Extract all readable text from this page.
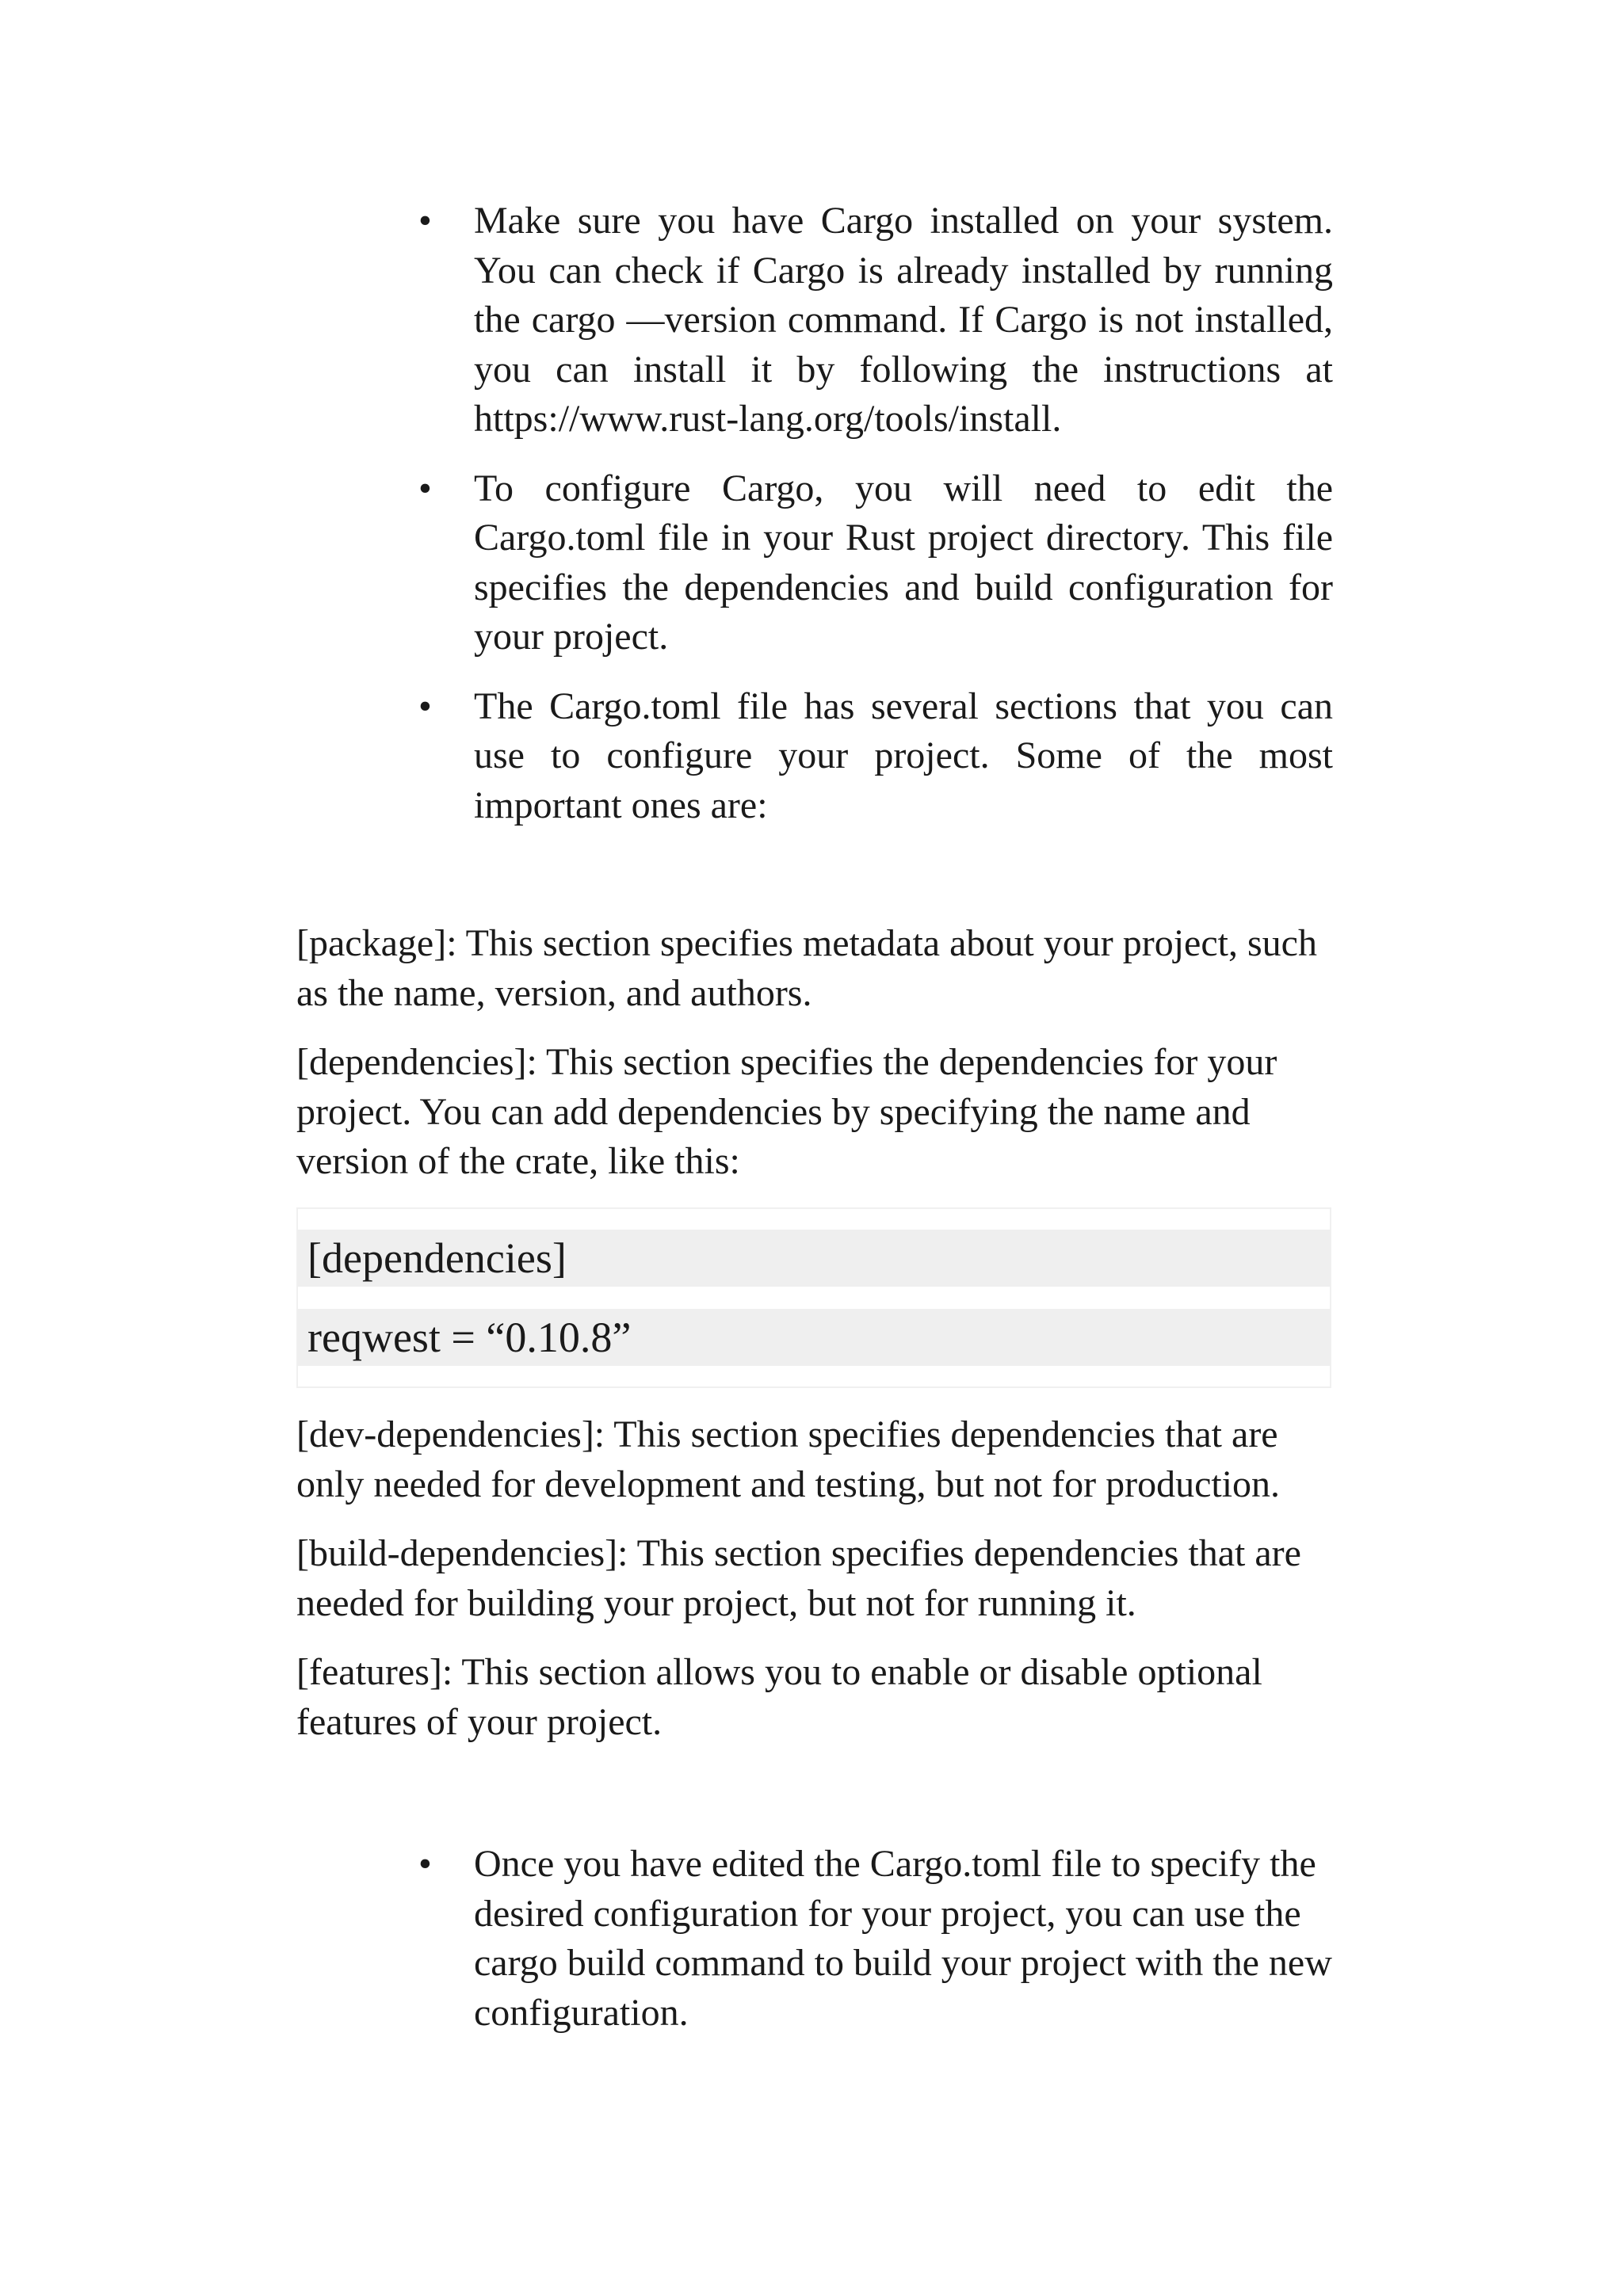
• Make sure you have Cargo installed on your system. You can check if Cargo is already installed by running the cargo —version command. If Cargo is not installed, you can install it by following the instructions at https://www.rust-lang.org/tools/install.
• To configure Cargo, you will need to edit the Cargo.toml file in your Rust project directory. This file specifies the dependencies and build configuration for your project.
• The Cargo.toml file has several sections that you can use to configure your project. Some of the most important ones are:

[package]: This section specifies metadata about your project, such as the name, version, and authors.

[dependencies]: This section specifies the dependencies for your project. You can add dependencies by specifying the name and version of the crate, like this:

[dependencies]
reqwest = “0.10.8”

[dev-dependencies]: This section specifies dependencies that are only needed for development and testing, but not for production.

[build-dependencies]: This section specifies dependencies that are needed for building your project, but not for running it.

[features]: This section allows you to enable or disable optional features of your project.

• Once you have edited the Cargo.toml file to specify the desired configuration for your project, you can use the cargo build command to build your project with the new configuration.
